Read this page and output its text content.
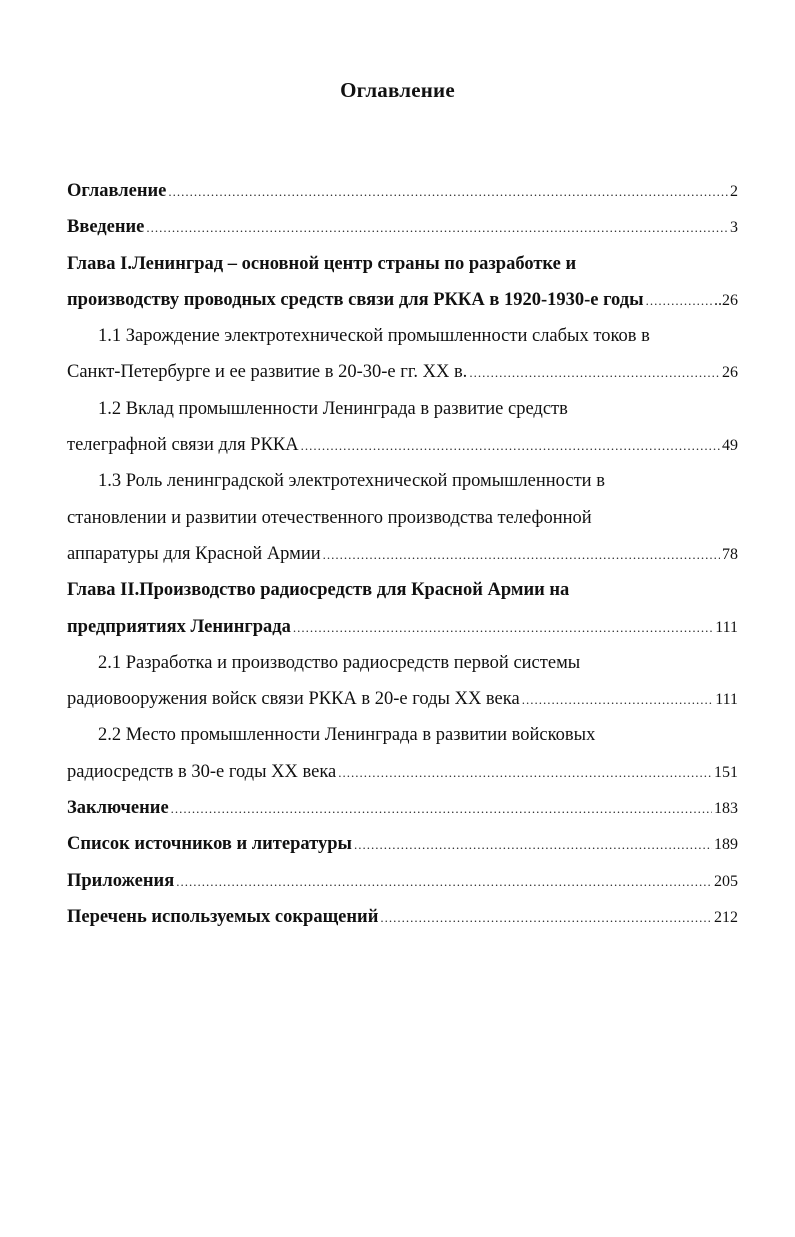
Оглавление
Оглавление .....	2
Введение .....	3
Глава I.Ленинград – основной центр страны по разработке и
производству проводных средств связи для РККА в 1920-1930-е годы .....	..26
1.1 Зарождение электротехнической промышленности слабых токов в
Санкт-Петербурге и ее развитие в 20-30-е гг. ХХ в. .....	26
1.2 Вклад промышленности Ленинграда в развитие средств
телеграфной связи для РККА .....	49
1.3 Роль ленинградской электротехнической промышленности в
становлении и развитии отечественного производства телефонной
аппаратуры для Красной Армии .....	78
Глава II.Производство радиосредств для Красной Армии на
предприятиях Ленинграда .....	111
2.1 Разработка и производство радиосредств первой системы
радиовооружения войск связи РККА в 20-е годы ХХ века .....	111
2.2 Место промышленности Ленинграда в развитии войсковых
радиосредств в 30-е годы ХХ века .....	151
Заключение .....	183
Список источников и литературы .....	189
Приложения .....	205
Перечень используемых сокращений .....	212
